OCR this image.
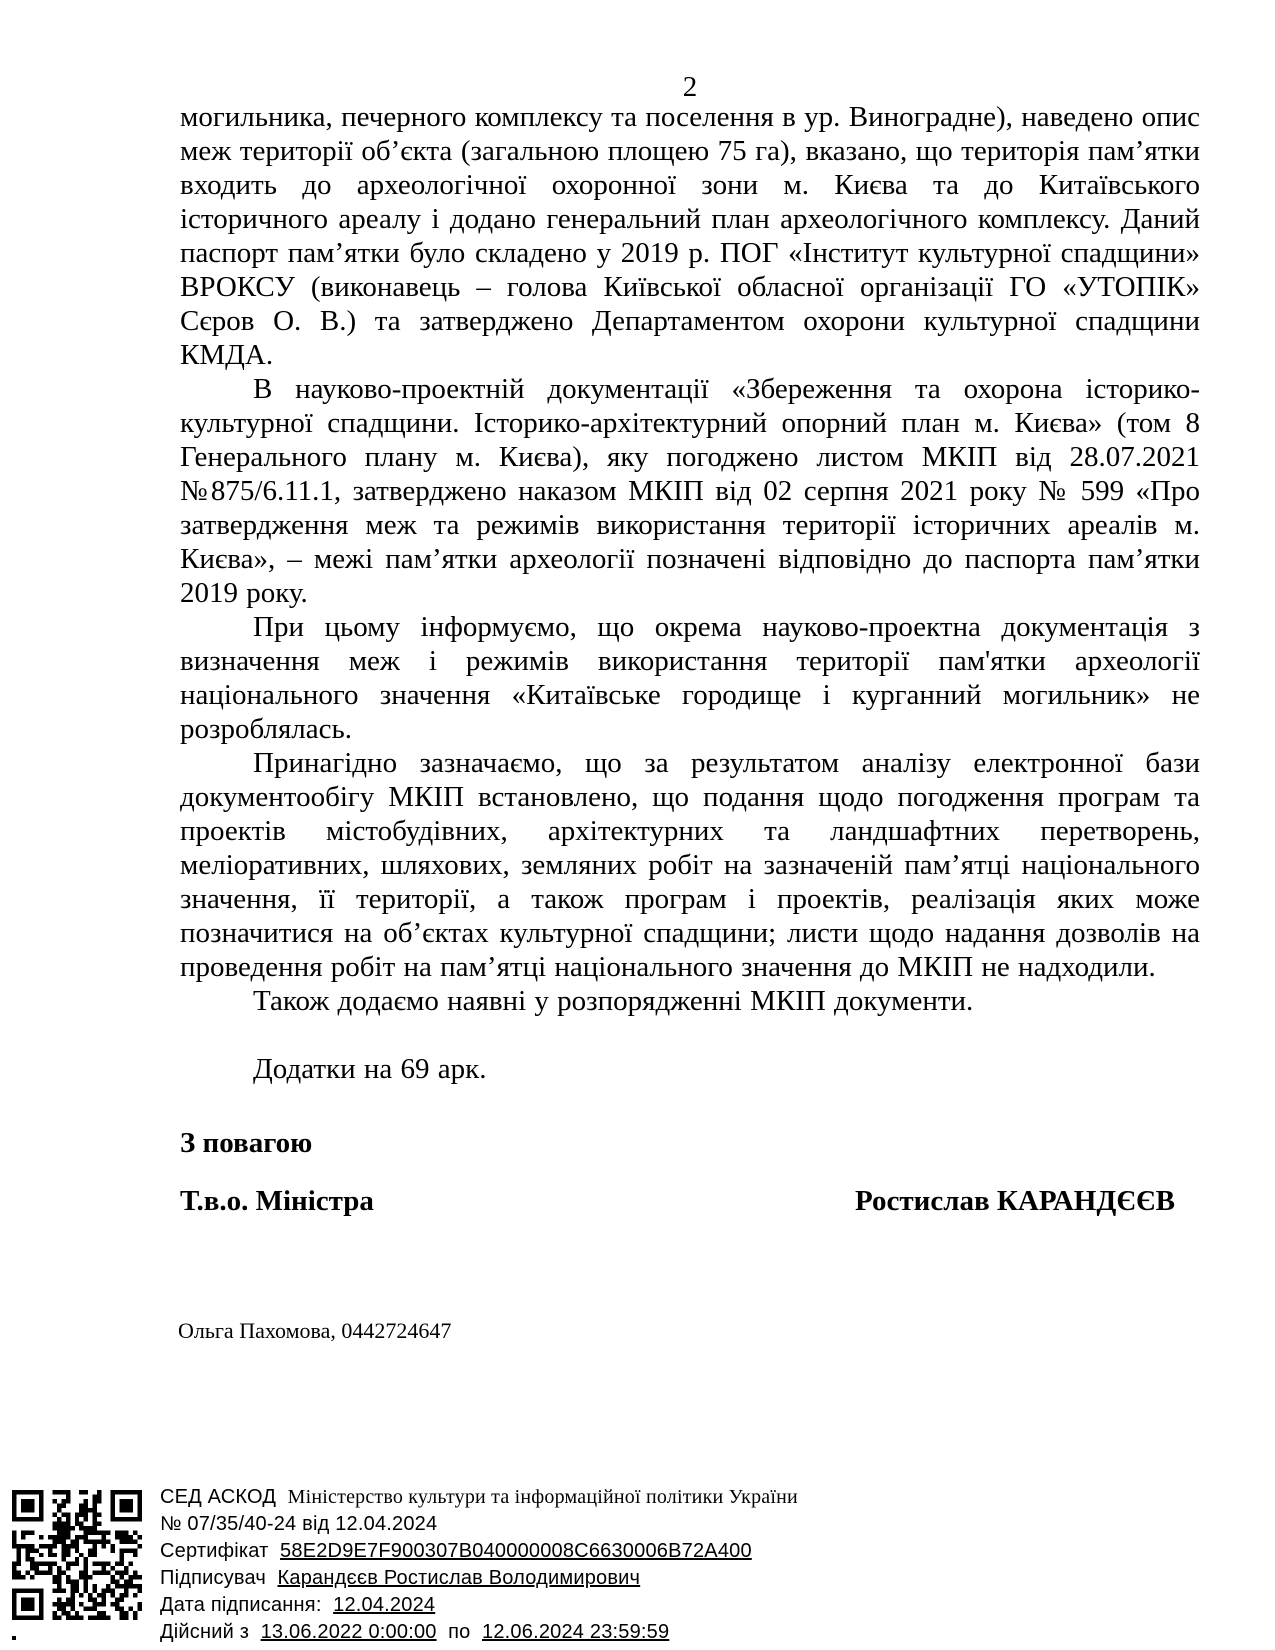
2

могильника, печерного комплексу та поселення в ур. Виноградне), наведено опис меж території об’єкта (загальною площею 75 га), вказано, що територія пам’ятки входить до археологічної охоронної зони м. Києва та до Китаївського історичного ареалу і додано генеральний план археологічного комплексу. Даний паспорт пам’ятки було складено у 2019 р. ПОГ «Інститут культурної спадщини» ВРОКСУ (виконавець – голова Київської обласної організації ГО «УТОПІК» Сєров О. В.) та затверджено Департаментом охорони культурної спадщини КМДА.

В науково-проектній документації «Збереження та охорона історико-культурної спадщини. Історико-архітектурний опорний план м. Києва» (том 8 Генерального плану м. Києва), яку погоджено листом МКІП від 28.07.2021 №875/6.11.1, затверджено наказом МКІП від 02 серпня 2021 року № 599 «Про затвердження меж та режимів використання території історичних ареалів м. Києва», – межі пам’ятки археології позначені відповідно до паспорта пам’ятки 2019 року.

При цьому інформуємо, що окрема науково-проектна документація з визначення меж і режимів використання території пам'ятки археології національного значення «Китаївське городище і курганний могильник» не розроблялась.

Принагідно зазначаємо, що за результатом аналізу електронної бази документообігу МКІП встановлено, що подання щодо погодження програм та проектів містобудівних, архітектурних та ландшафтних перетворень, меліоративних, шляхових, земляних робіт на зазначеній пам’ятці національного значення, її території, а також програм і проектів, реалізація яких може позначитися на об’єктах культурної спадщини; листи щодо надання дозволів на проведення робіт на пам’ятці національного значення до МКІП не надходили.

Також додаємо наявні у розпорядженні МКІП документи.

Додатки на 69 арк.

З повагою
Т.в.о. Міністра	Ростислав КАРАНДЄЄВ
Ольга Пахомова, 0442724647
СЕД АСКОД Міністерство культури та інформаційної політики України
№ 07/35/40-24 від 12.04.2024
Сертифікат 58E2D9E7F900307B040000008C6630006B72A400
Підписувач Карандєєв Ростислав Володимирович
Дата підписання: 12.04.2024
Дійсний з 13.06.2022 0:00:00 по 12.06.2024 23:59:59
